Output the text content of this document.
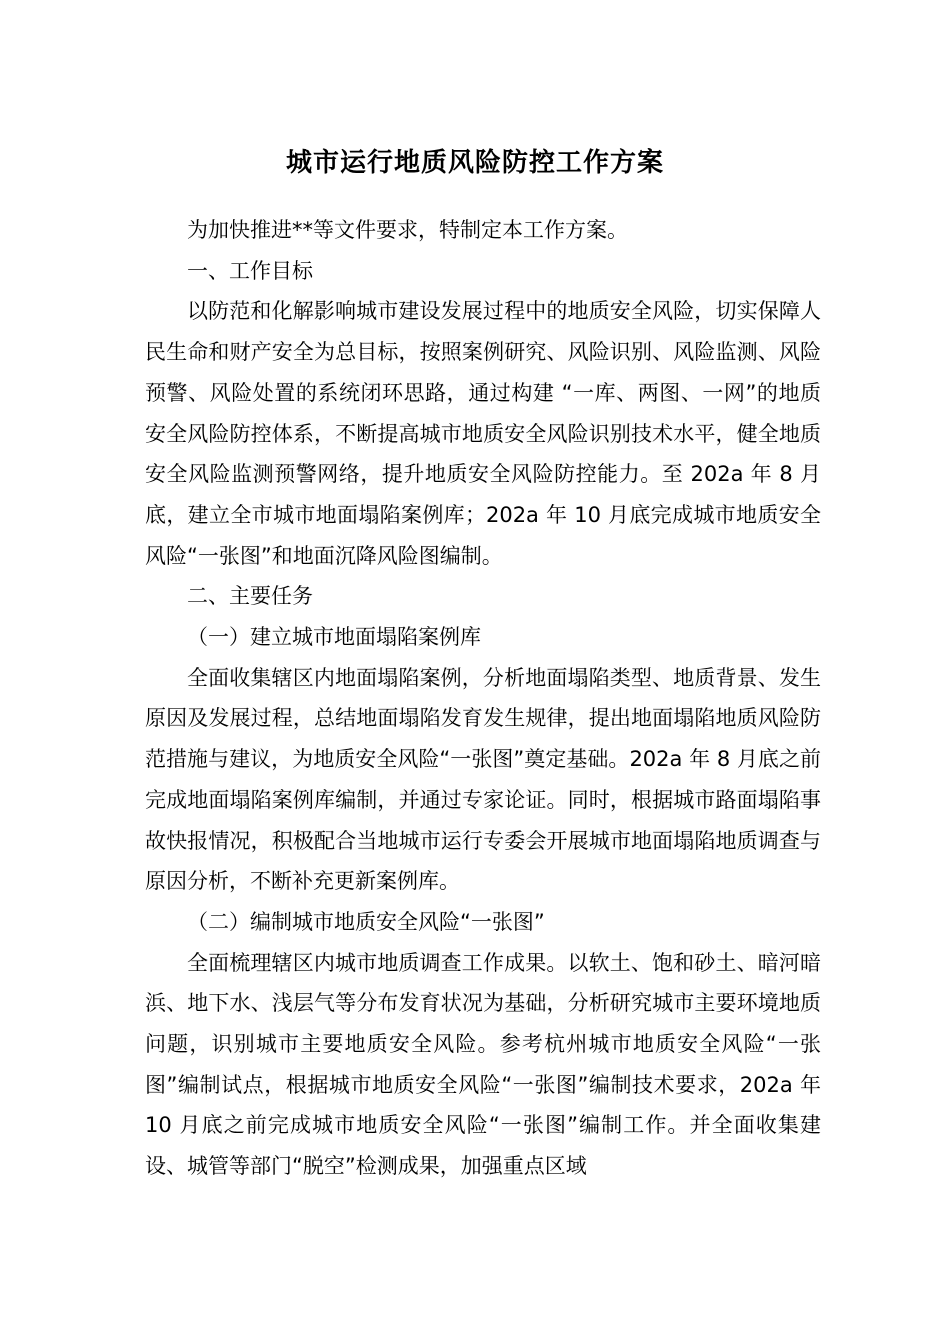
城市运行地质风险防控工作方案

为加快推进**等文件要求，特制定本工作方案。

一、工作目标

以防范和化解影响城市建设发展过程中的地质安全风险，切实保障人民生命和财产安全为总目标，按照案例研究、风险识别、风险监测、风险预警、风险处置的系统闭环思路，通过构建 “一库、两图、一网”的地质安全风险防控体系，不断提高城市地质安全风险识别技术水平，健全地质安全风险监测预警网络，提升地质安全风险防控能力。至 202a 年 8 月底，建立全市城市地面塌陷案例库；202a 年 10 月底完成城市地质安全风险“一张图”和地面沉降风险图编制。

二、主要任务

（一）建立城市地面塌陷案例库

全面收集辖区内地面塌陷案例，分析地面塌陷类型、地质背景、发生原因及发展过程，总结地面塌陷发育发生规律，提出地面塌陷地质风险防范措施与建议，为地质安全风险“一张图”奠定基础。202a 年 8 月底之前完成地面塌陷案例库编制，并通过专家论证。同时，根据城市路面塌陷事故快报情况，积极配合当地城市运行专委会开展城市地面塌陷地质调查与原因分析，不断补充更新案例库。

（二）编制城市地质安全风险“一张图”

全面梳理辖区内城市地质调查工作成果。以软土、饱和砂土、暗河暗浜、地下水、浅层气等分布发育状况为基础，分析研究城市主要环境地质问题，识别城市主要地质安全风险。参考杭州城市地质安全风险“一张图”编制试点，根据城市地质安全风险“一张图”编制技术要求，202a 年 10 月底之前完成城市地质安全风险“一张图”编制工作。并全面收集建设、城管等部门“脱空”检测成果，加强重点区域
